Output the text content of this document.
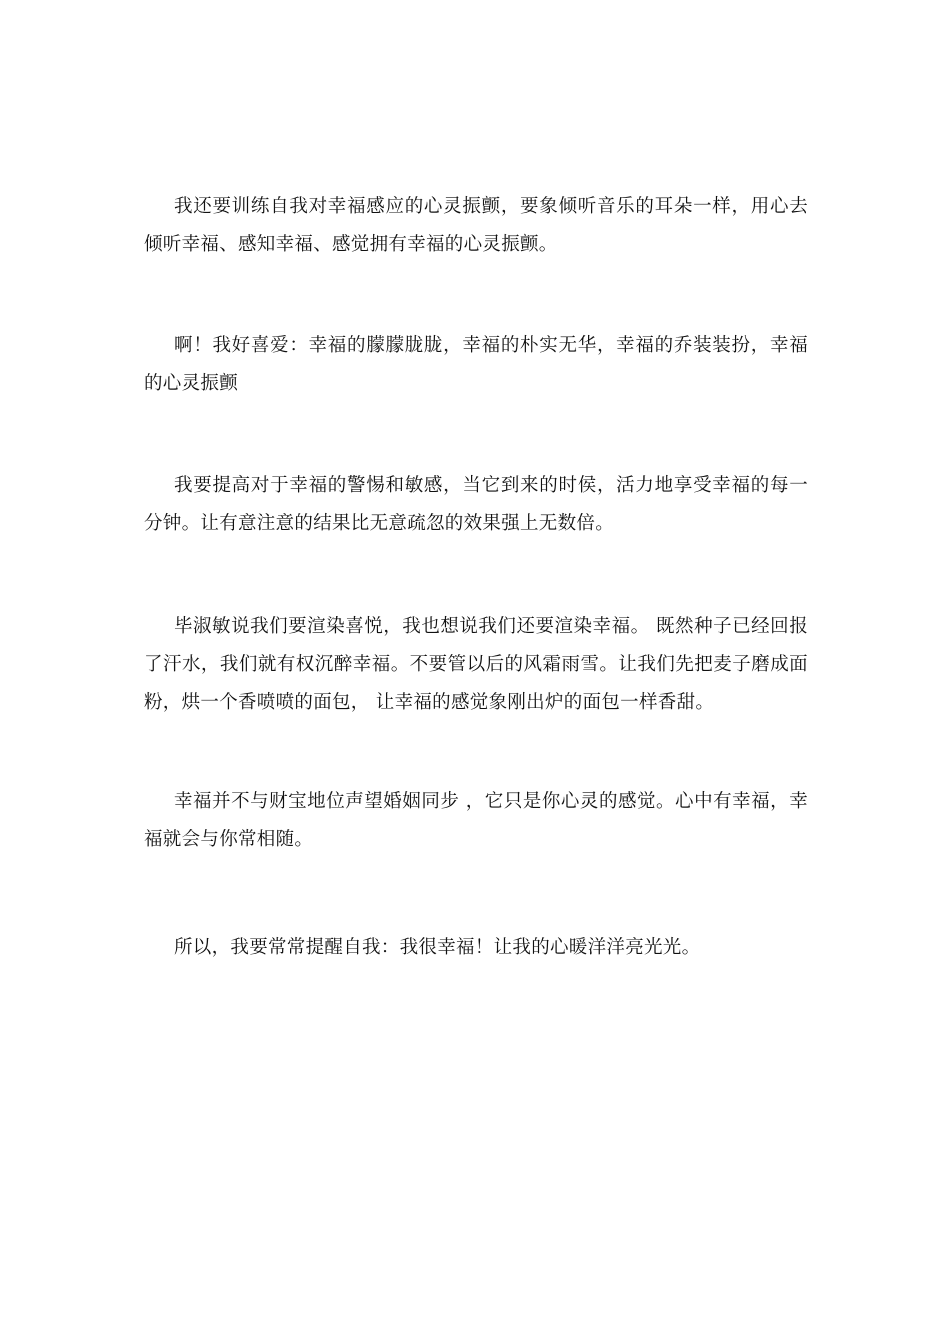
我还要训练自我对幸福感应的心灵振颤，要象倾听音乐的耳朵一样，用心去倾听幸福、感知幸福、感觉拥有幸福的心灵振颤。

啊！我好喜爱：幸福的朦朦胧胧，幸福的朴实无华，幸福的乔装装扮，幸福的心灵振颤

我要提高对于幸福的警惕和敏感，当它到来的时侯，活力地享受幸福的每一分钟。让有意注意的结果比无意疏忽的效果强上无数倍。

毕淑敏说我们要渲染喜悦，我也想说我们还要渲染幸福。 既然种子已经回报了汗水，我们就有权沉醉幸福。不要管以后的风霜雨雪。让我们先把麦子磨成面粉，烘一个香喷喷的面包， 让幸福的感觉象刚出炉的面包一样香甜。

幸福并不与财宝地位声望婚姻同步 ，它只是你心灵的感觉。心中有幸福，幸福就会与你常相随。

所以，我要常常提醒自我：我很幸福！让我的心暖洋洋亮光光。
